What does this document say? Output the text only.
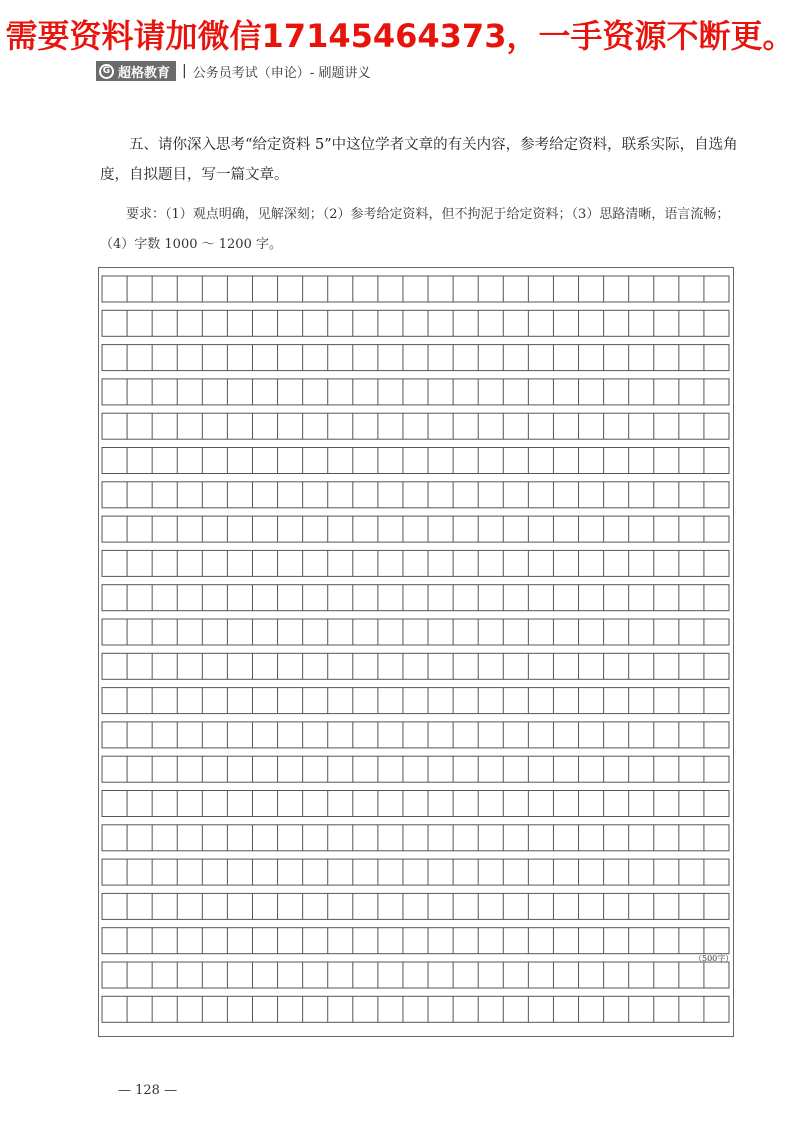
需要资料请加微信17145464373，一手资源不断更。
G 超格教育 | 公务员考试（申论）- 刷题讲义
五、请你深入思考“给定资料 5”中这位学者文章的有关内容，参考给定资料，联系实际，自选角度，自拟题目，写一篇文章。
要求：（1）观点明确，见解深刻；（2）参考给定资料，但不拘泥于给定资料；（3）思路清晰，语言流畅；（4）字数 1000 ～ 1200 字。
（500字）
— 128 —
